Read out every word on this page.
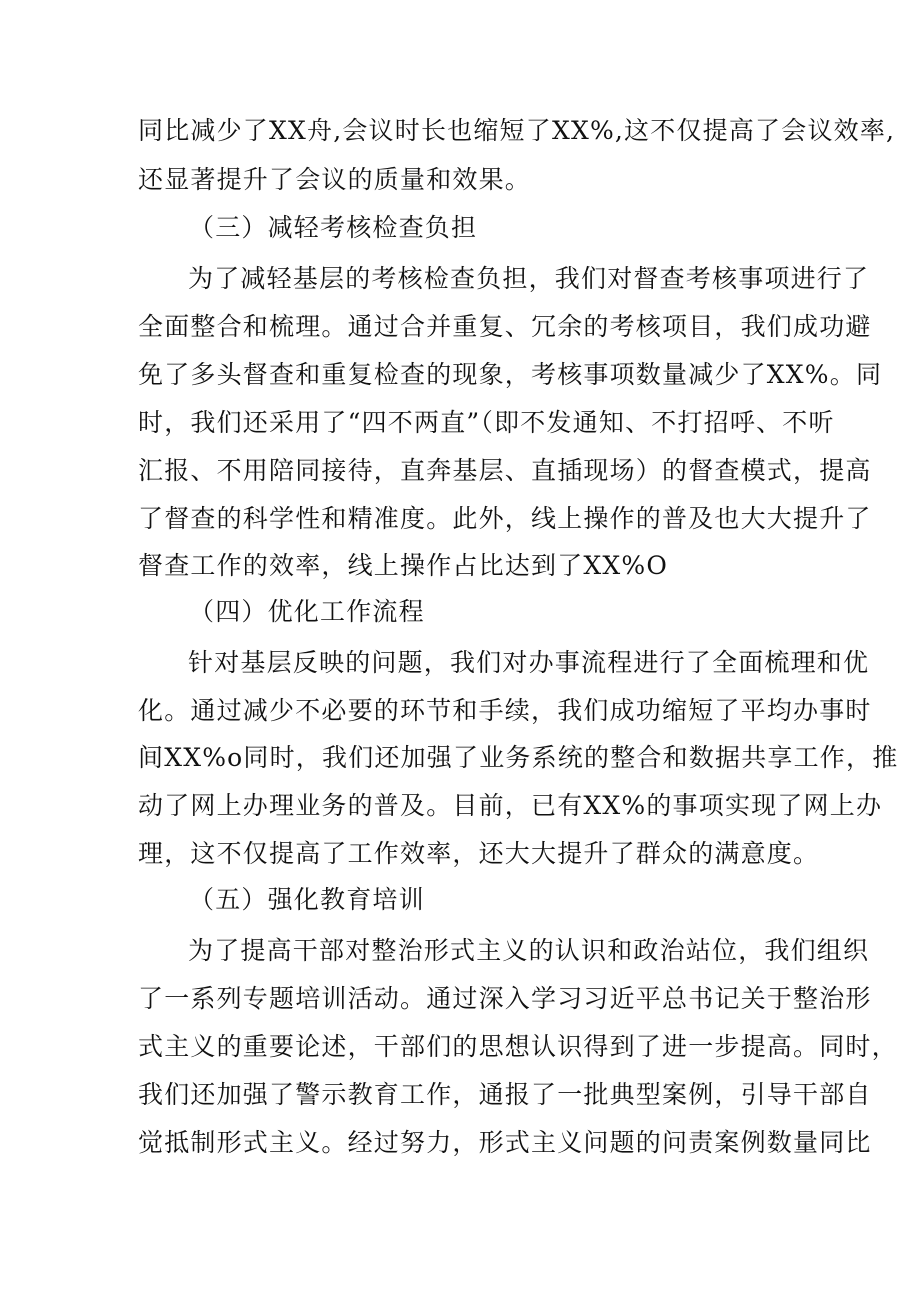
同比减少了XX舟,会议时长也缩短了XX%,这不仅提高了会议效率,
还显著提升了会议的质量和效果。
（三）减轻考核检查负担
为了减轻基层的考核检查负担，我们对督查考核事项进行了
全面整合和梳理。通过合并重复、冗余的考核项目，我们成功避
免了多头督查和重复检查的现象，考核事项数量减少了XX%。同
时，我们还采用了“四不两直”（即不发通知、不打招呼、不听
汇报、不用陪同接待，直奔基层、直插现场）的督查模式，提高
了督查的科学性和精准度。此外，线上操作的普及也大大提升了
督查工作的效率，线上操作占比达到了XX%O
（四）优化工作流程
针对基层反映的问题，我们对办事流程进行了全面梳理和优
化。通过减少不必要的环节和手续，我们成功缩短了平均办事时
间XX%o同时，我们还加强了业务系统的整合和数据共享工作，推
动了网上办理业务的普及。目前，已有XX%的事项实现了网上办
理，这不仅提高了工作效率，还大大提升了群众的满意度。
（五）强化教育培训
为了提高干部对整治形式主义的认识和政治站位，我们组织
了一系列专题培训活动。通过深入学习习近平总书记关于整治形
式主义的重要论述，干部们的思想认识得到了进一步提高。同时，
我们还加强了警示教育工作，通报了一批典型案例，引导干部自
觉抵制形式主义。经过努力，形式主义问题的问责案例数量同比
